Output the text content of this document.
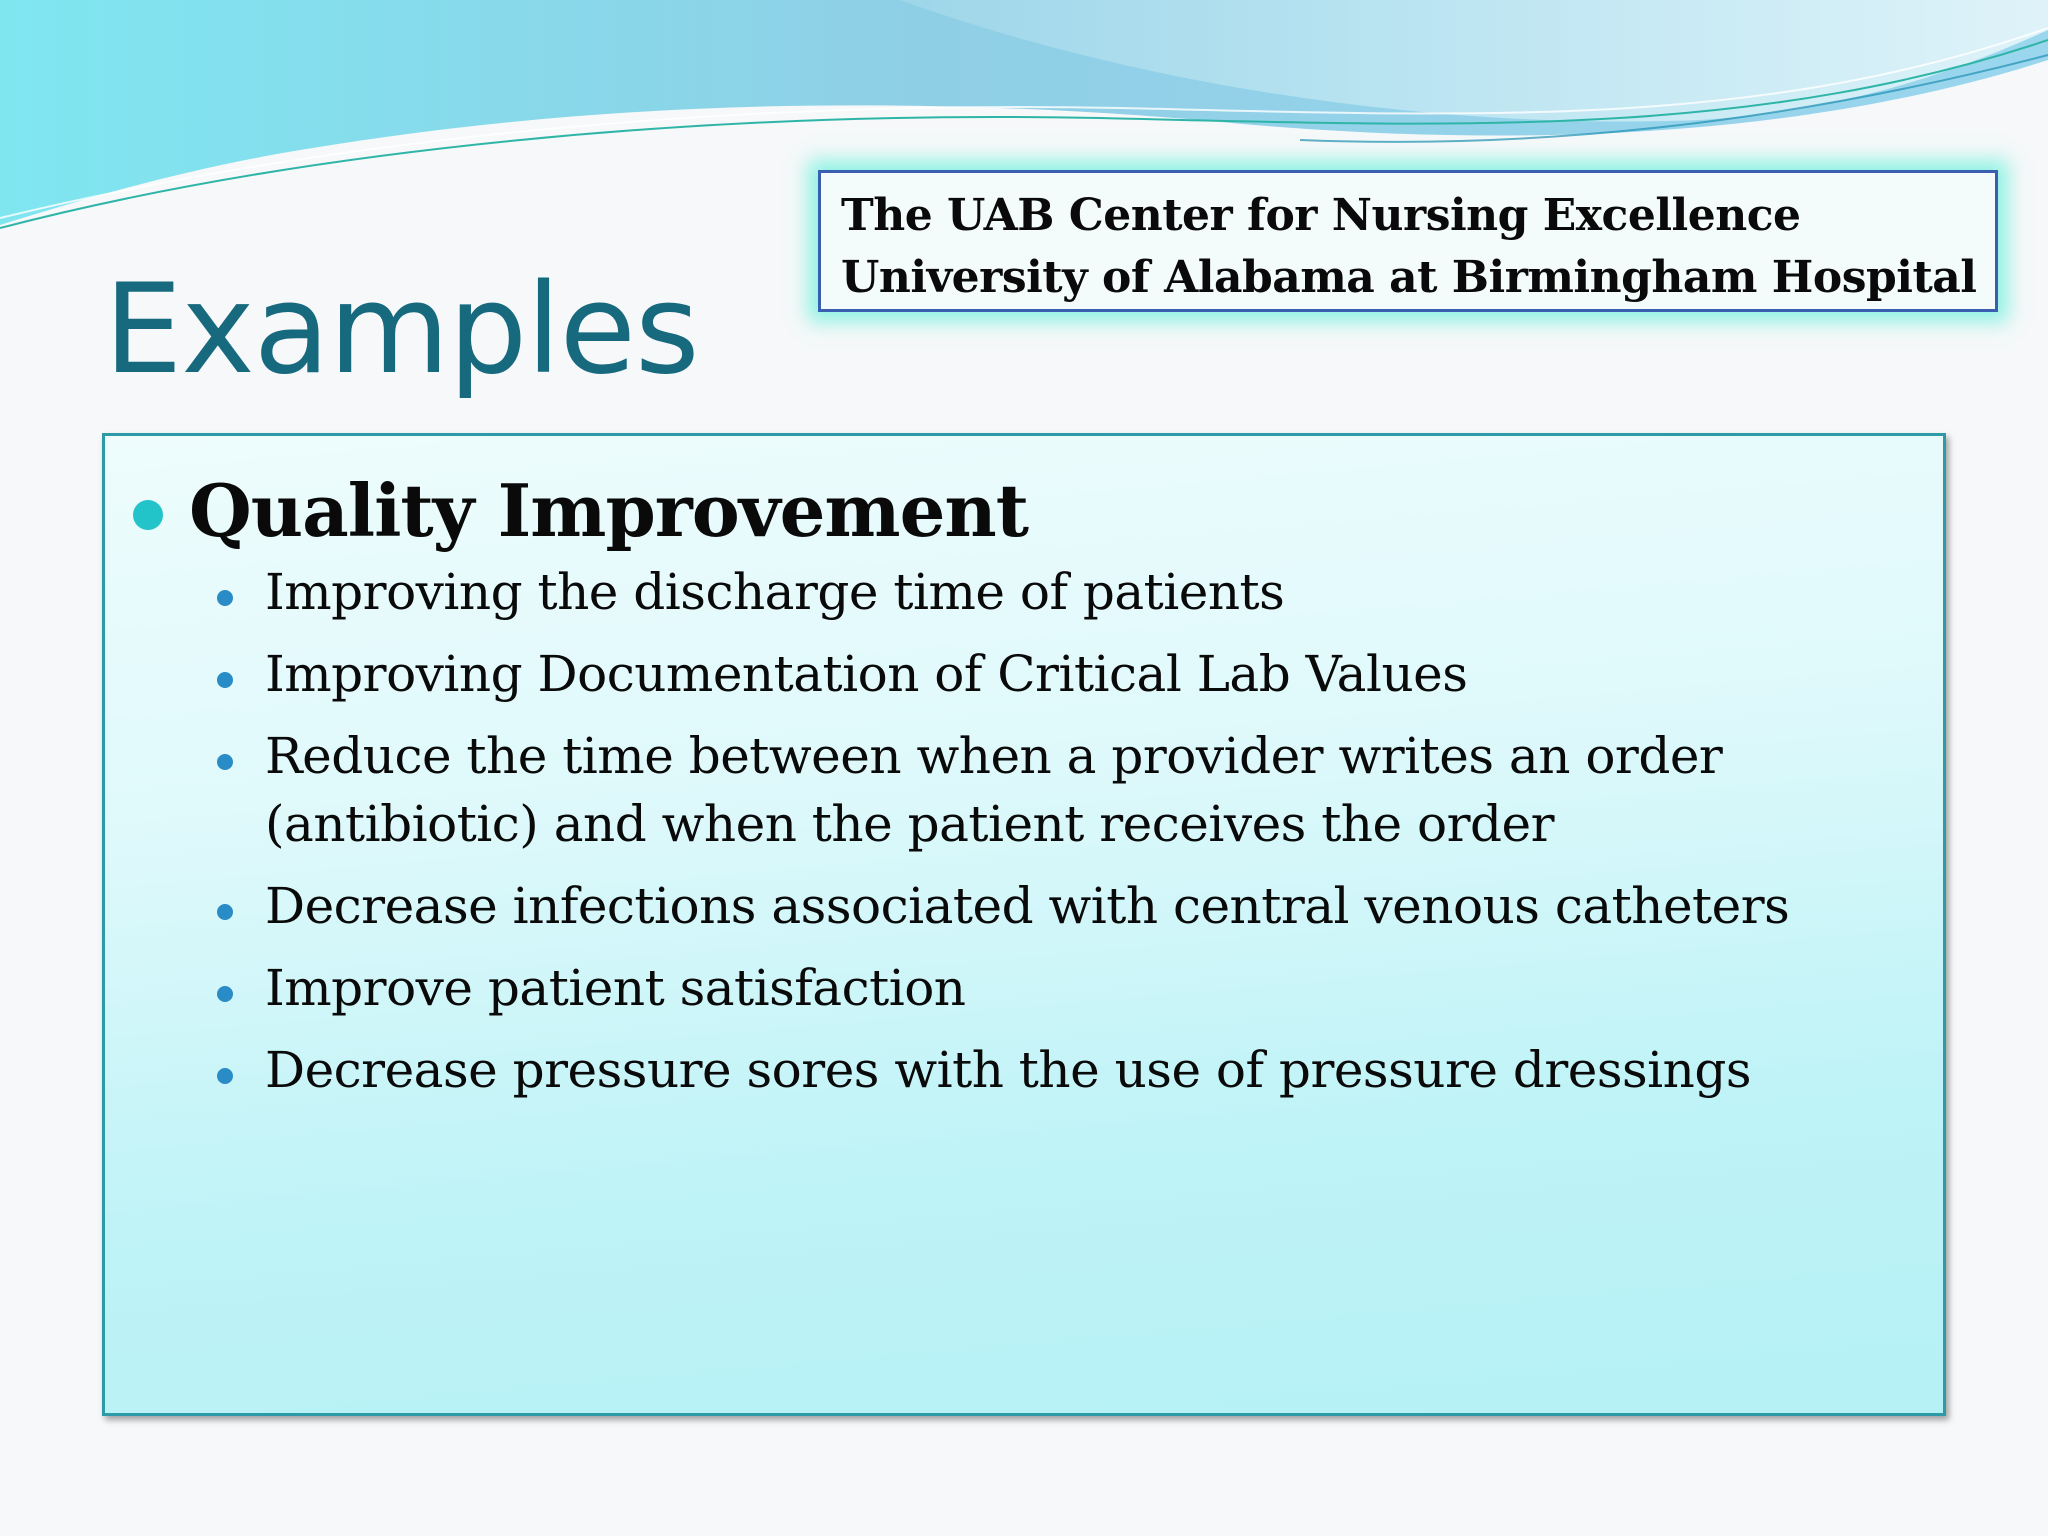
Examples
The UAB Center for Nursing Excellence
University of Alabama at Birmingham Hospital
Quality Improvement
Improving the discharge time of patients
Improving Documentation of Critical Lab Values
Reduce the time between when a provider writes an order (antibiotic) and when the patient receives the order
Decrease infections associated with central venous catheters
Improve patient satisfaction
Decrease pressure sores with the use of pressure dressings
